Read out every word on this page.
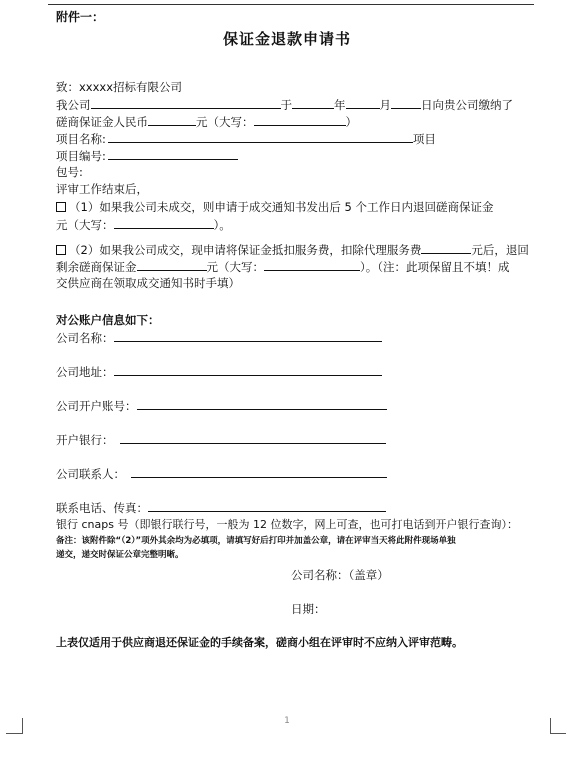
附件一：
保证金退款申请书
致：xxxxx招标有限公司
我公司	于	年	月	日向贵公司缴纳了
磋商保证金人民币	元（大写：	）
项目名称:	项目
项目编号:
包号:
评审工作结束后，
（1）如果我公司未成交，则申请于成交通知书发出后 5 个工作日内退回磋商保证金
元（大写：	）。
（2）如果我公司成交，现申请将保证金抵扣服务费，扣除代理服务费	元后，退回
剩余磋商保证金	元（大写：	）。（注：此项保留且不填！成
交供应商在领取成交通知书时手填）
对公账户信息如下：
公司名称：
公司地址：
公司开户账号：
开户银行：
公司联系人：
联系电话、传真：
银行 cnaps 号（即银行联行号，一般为 12 位数字，网上可查，也可打电话到开户银行查询）：
备注：该附件除“（2）”项外其余均为必填项，请填写好后打印并加盖公章，请在评审当天将此附件现场单独
递交，递交时保证公章完整明晰。
公司名称：（盖章）
日期：
上表仅适用于供应商退还保证金的手续备案，磋商小组在评审时不应纳入评审范畴。
1
